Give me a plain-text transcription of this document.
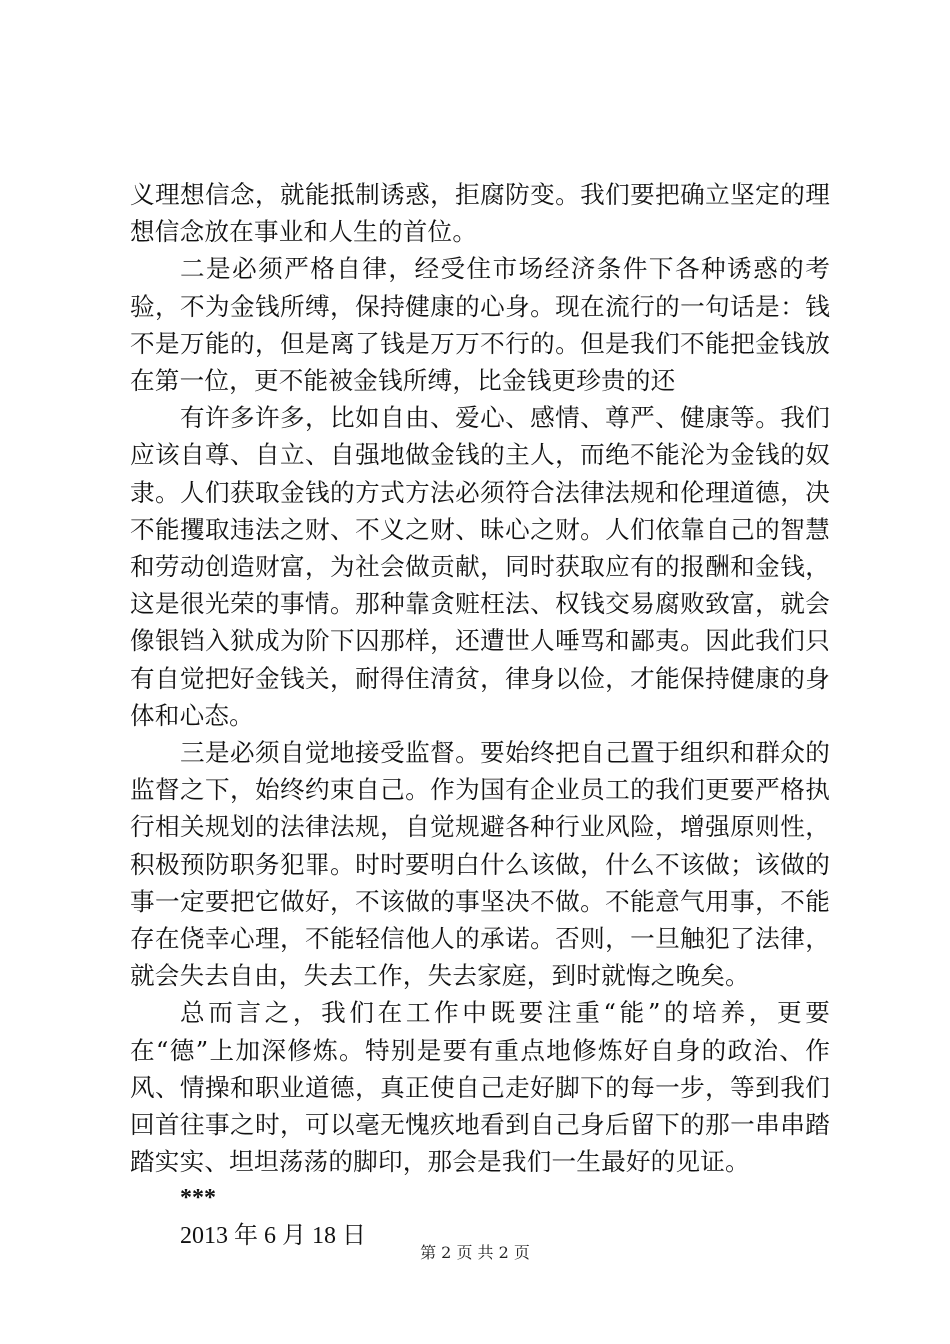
义理想信念，就能抵制诱惑，拒腐防变。我们要把确立坚定的理想信念放在事业和人生的首位。

二是必须严格自律，经受住市场经济条件下各种诱惑的考验，不为金钱所缚，保持健康的心身。现在流行的一句话是：钱不是万能的，但是离了钱是万万不行的。但是我们不能把金钱放在第一位，更不能被金钱所缚，比金钱更珍贵的还

有许多许多，比如自由、爱心、感情、尊严、健康等。我们应该自尊、自立、自强地做金钱的主人，而绝不能沦为金钱的奴隶。人们获取金钱的方式方法必须符合法律法规和伦理道德，决不能攫取违法之财、不义之财、昧心之财。人们依靠自己的智慧和劳动创造财富，为社会做贡献，同时获取应有的报酬和金钱，这是很光荣的事情。那种靠贪赃枉法、权钱交易腐败致富，就会像银铛入狱成为阶下囚那样，还遭世人唾骂和鄙夷。因此我们只有自觉把好金钱关，耐得住清贫，律身以俭，才能保持健康的身体和心态。

三是必须自觉地接受监督。要始终把自己置于组织和群众的监督之下，始终约束自己。作为国有企业员工的我们更要严格执行相关规划的法律法规，自觉规避各种行业风险，增强原则性，积极预防职务犯罪。时时要明白什么该做，什么不该做；该做的事一定要把它做好，不该做的事坚决不做。不能意气用事，不能存在侥幸心理，不能轻信他人的承诺。否则，一旦触犯了法律，就会失去自由，失去工作，失去家庭，到时就悔之晚矣。

总而言之，我们在工作中既要注重“能”的培养，更要在“德”上加深修炼。特别是要有重点地修炼好自身的政治、作风、情操和职业道德，真正使自己走好脚下的每一步，等到我们回首往事之时，可以毫无愧疚地看到自己身后留下的那一串串踏踏实实、坦坦荡荡的脚印，那会是我们一生最好的见证。

***

2013 年 6 月 18 日

第 2 页 共 2 页
